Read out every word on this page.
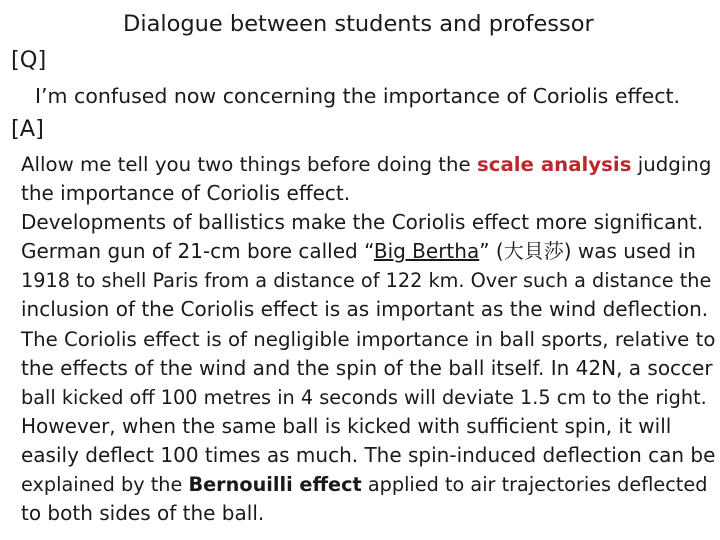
Dialogue between students and professor
[Q]
I’m confused now concerning the importance of Coriolis effect.
[A]
Allow me tell you two things before doing the scale analysis judging
the importance of Coriolis effect.
Developments of ballistics make the Coriolis effect more significant.
German gun of 21-cm bore called “Big Bertha” (大貝莎) was used in
1918 to shell Paris from a distance of 122 km. Over such a distance the
inclusion of the Coriolis effect is as important as the wind deflection.
The Coriolis effect is of negligible importance in ball sports, relative to
the effects of the wind and the spin of the ball itself. In 42N, a soccer
ball kicked off 100 metres in 4 seconds will deviate 1.5 cm to the right.
However, when the same ball is kicked with sufficient spin, it will
easily deflect 100 times as much. The spin-induced deflection can be
explained by the Bernouilli effect applied to air trajectories deflected
to both sides of the ball.
